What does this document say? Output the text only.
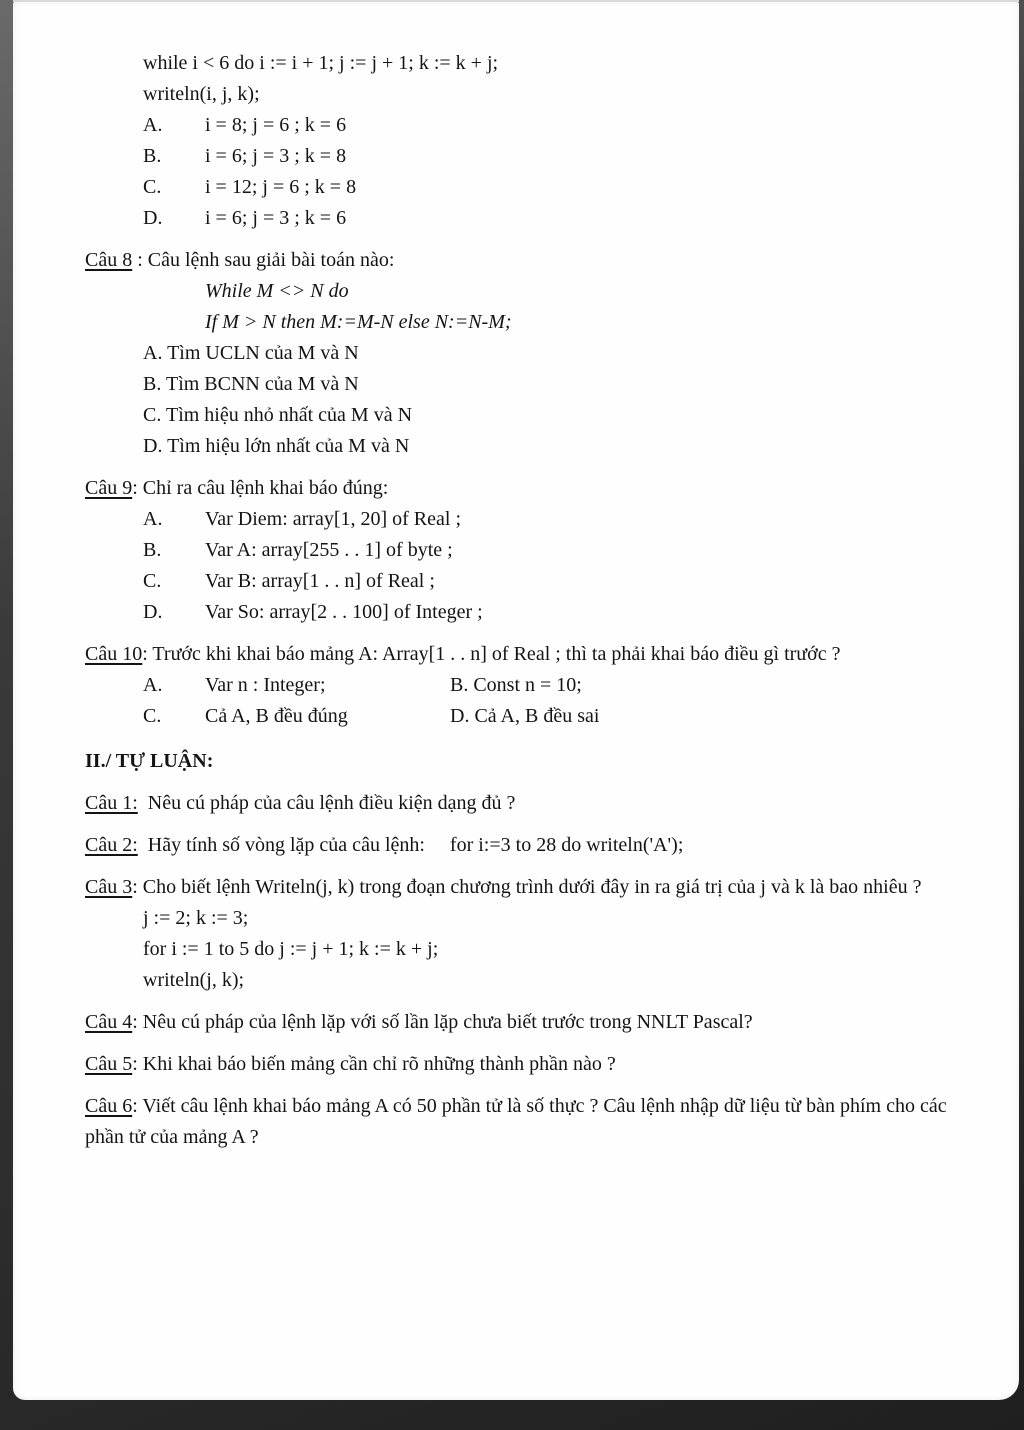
while i < 6 do i := i + 1; j := j + 1; k := k + j;
writeln(i, j, k);
A. i = 8; j = 6 ; k = 6
B. i = 6; j = 3 ; k = 8
C. i = 12; j = 6 ; k = 8
D. i = 6; j = 3 ; k = 6
Câu 8 : Câu lệnh sau giải bài toán nào:
While M <> N do
If M > N then M:=M-N else N:=N-M;
A. Tìm UCLN của M và N
B. Tìm BCNN của M và N
C. Tìm hiệu nhỏ nhất của M và N
D. Tìm hiệu lớn nhất của M và N
Câu 9: Chỉ ra câu lệnh khai báo đúng:
A. Var Diem: array[1, 20] of Real ;
B. Var A: array[255 . . 1] of byte ;
C. Var B: array[1 . . n] of Real ;
D. Var So: array[2 . . 100] of Integer ;
Câu 10: Trước khi khai báo mảng A: Array[1 . . n] of Real ; thì ta phải khai báo điều gì trước ?
A. Var n : Integer;	B. Const n = 10;
C. Cả A, B đều đúng	D. Cả A, B đều sai
II./ TỰ LUẬN:
Câu 1:  Nêu cú pháp của câu lệnh điều kiện dạng đủ ?
Câu 2:  Hãy tính số vòng lặp của câu lệnh:     for i:=3 to 28 do writeln('A');
Câu 3: Cho biết lệnh Writeln(j, k) trong đoạn chương trình dưới đây in ra giá trị của j và k là bao nhiêu ?
j := 2; k := 3;
for i := 1 to 5 do j := j + 1; k := k + j;
writeln(j, k);
Câu 4: Nêu cú pháp của lệnh lặp với số lần lặp chưa biết trước trong NNLT Pascal?
Câu 5: Khi khai báo biến mảng cần chỉ rõ những thành phần nào ?
Câu 6: Viết câu lệnh khai báo mảng A có 50 phần tử là số thực ? Câu lệnh nhập dữ liệu từ bàn phím cho các phần tử của mảng A ?
